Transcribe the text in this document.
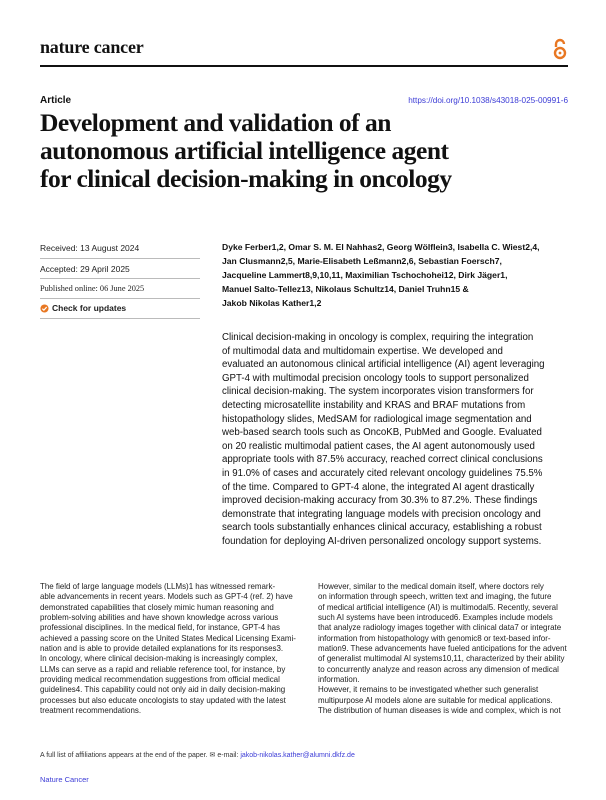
nature cancer
Article	https://doi.org/10.1038/s43018-025-00991-6
Development and validation of an
autonomous artificial intelligence agent
for clinical decision-making in oncology
Received: 13 August 2024
Accepted: 29 April 2025
Published online: 06 June 2025
Check for updates
Dyke Ferber1,2, Omar S. M. El Nahhas2, Georg Wölflein3, Isabella C. Wiest2,4,
Jan Clusmann2,5, Marie-Elisabeth Leßmann2,6, Sebastian Foersch7,
Jacqueline Lammert8,9,10,11, Maximilian Tschochohei12, Dirk Jäger1,
Manuel Salto-Tellez13, Nikolaus Schultz14, Daniel Truhn15 &
Jakob Nikolas Kather1,2
Clinical decision-making in oncology is complex, requiring the integration
of multimodal data and multidomain expertise. We developed and
evaluated an autonomous clinical artificial intelligence (AI) agent leveraging
GPT-4 with multimodal precision oncology tools to support personalized
clinical decision-making. The system incorporates vision transformers for
detecting microsatellite instability and KRAS and BRAF mutations from
histopathology slides, MedSAM for radiological image segmentation and
web-based search tools such as OncoKB, PubMed and Google. Evaluated
on 20 realistic multimodal patient cases, the AI agent autonomously used
appropriate tools with 87.5% accuracy, reached correct clinical conclusions
in 91.0% of cases and accurately cited relevant oncology guidelines 75.5%
of the time. Compared to GPT-4 alone, the integrated AI agent drastically
improved decision-making accuracy from 30.3% to 87.2%. These findings
demonstrate that integrating language models with precision oncology and
search tools substantially enhances clinical accuracy, establishing a robust
foundation for deploying AI-driven personalized oncology support systems.
The field of large language models (LLMs)1 has witnessed remark-
able advancements in recent years. Models such as GPT-4 (ref. 2) have
demonstrated capabilities that closely mimic human reasoning and
problem-solving abilities and have shown knowledge across various
professional disciplines. In the medical field, for instance, GPT-4 has
achieved a passing score on the United States Medical Licensing Exami-
nation and is able to provide detailed explanations for its responses3.
In oncology, where clinical decision-making is increasingly complex,
LLMs can serve as a rapid and reliable reference tool, for instance, by
providing medical recommendation suggestions from official medical
guidelines4. This capability could not only aid in daily decision-making
processes but also educate oncologists to stay updated with the latest
treatment recommendations.
However, similar to the medical domain itself, where doctors rely
on information through speech, written text and imaging, the future
of medical artificial intelligence (AI) is multimodal5. Recently, several
such AI systems have been introduced6. Examples include models
that analyze radiology images together with clinical data7 or integrate
information from histopathology with genomic8 or text-based infor-
mation9. These advancements have fueled anticipations for the advent
of generalist multimodal AI systems10,11, characterized by their ability
to concurrently analyze and reason across any dimension of medical
information.
However, it remains to be investigated whether such generalist
multipurpose AI models alone are suitable for medical applications.
The distribution of human diseases is wide and complex, which is not
A full list of affiliations appears at the end of the paper. ✉ e-mail: jakob-nikolas.kather@alumni.dkfz.de
Nature Cancer
